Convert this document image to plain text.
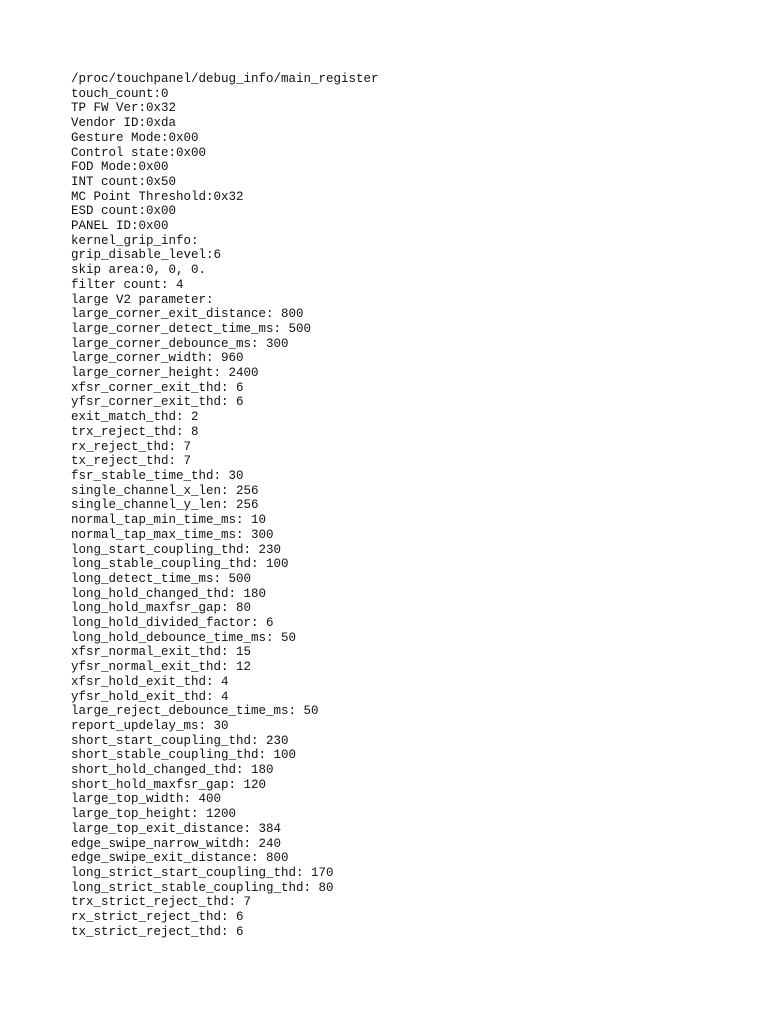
/proc/touchpanel/debug_info/main_register
touch_count:0
TP FW Ver:0x32
Vendor ID:0xda
Gesture Mode:0x00
Control state:0x00
FOD Mode:0x00
INT count:0x50
MC Point Threshold:0x32
ESD count:0x00
PANEL ID:0x00
kernel_grip_info:
grip_disable_level:6
skip area:0, 0, 0.
filter count: 4
large V2 parameter:
large_corner_exit_distance: 800
large_corner_detect_time_ms: 500
large_corner_debounce_ms: 300
large_corner_width: 960
large_corner_height: 2400
xfsr_corner_exit_thd: 6
yfsr_corner_exit_thd: 6
exit_match_thd: 2
trx_reject_thd: 8
rx_reject_thd: 7
tx_reject_thd: 7
fsr_stable_time_thd: 30
single_channel_x_len: 256
single_channel_y_len: 256
normal_tap_min_time_ms: 10
normal_tap_max_time_ms: 300
long_start_coupling_thd: 230
long_stable_coupling_thd: 100
long_detect_time_ms: 500
long_hold_changed_thd: 180
long_hold_maxfsr_gap: 80
long_hold_divided_factor: 6
long_hold_debounce_time_ms: 50
xfsr_normal_exit_thd: 15
yfsr_normal_exit_thd: 12
xfsr_hold_exit_thd: 4
yfsr_hold_exit_thd: 4
large_reject_debounce_time_ms: 50
report_updelay_ms: 30
short_start_coupling_thd: 230
short_stable_coupling_thd: 100
short_hold_changed_thd: 180
short_hold_maxfsr_gap: 120
large_top_width: 400
large_top_height: 1200
large_top_exit_distance: 384
edge_swipe_narrow_witdh: 240
edge_swipe_exit_distance: 800
long_strict_start_coupling_thd: 170
long_strict_stable_coupling_thd: 80
trx_strict_reject_thd: 7
rx_strict_reject_thd: 6
tx_strict_reject_thd: 6
